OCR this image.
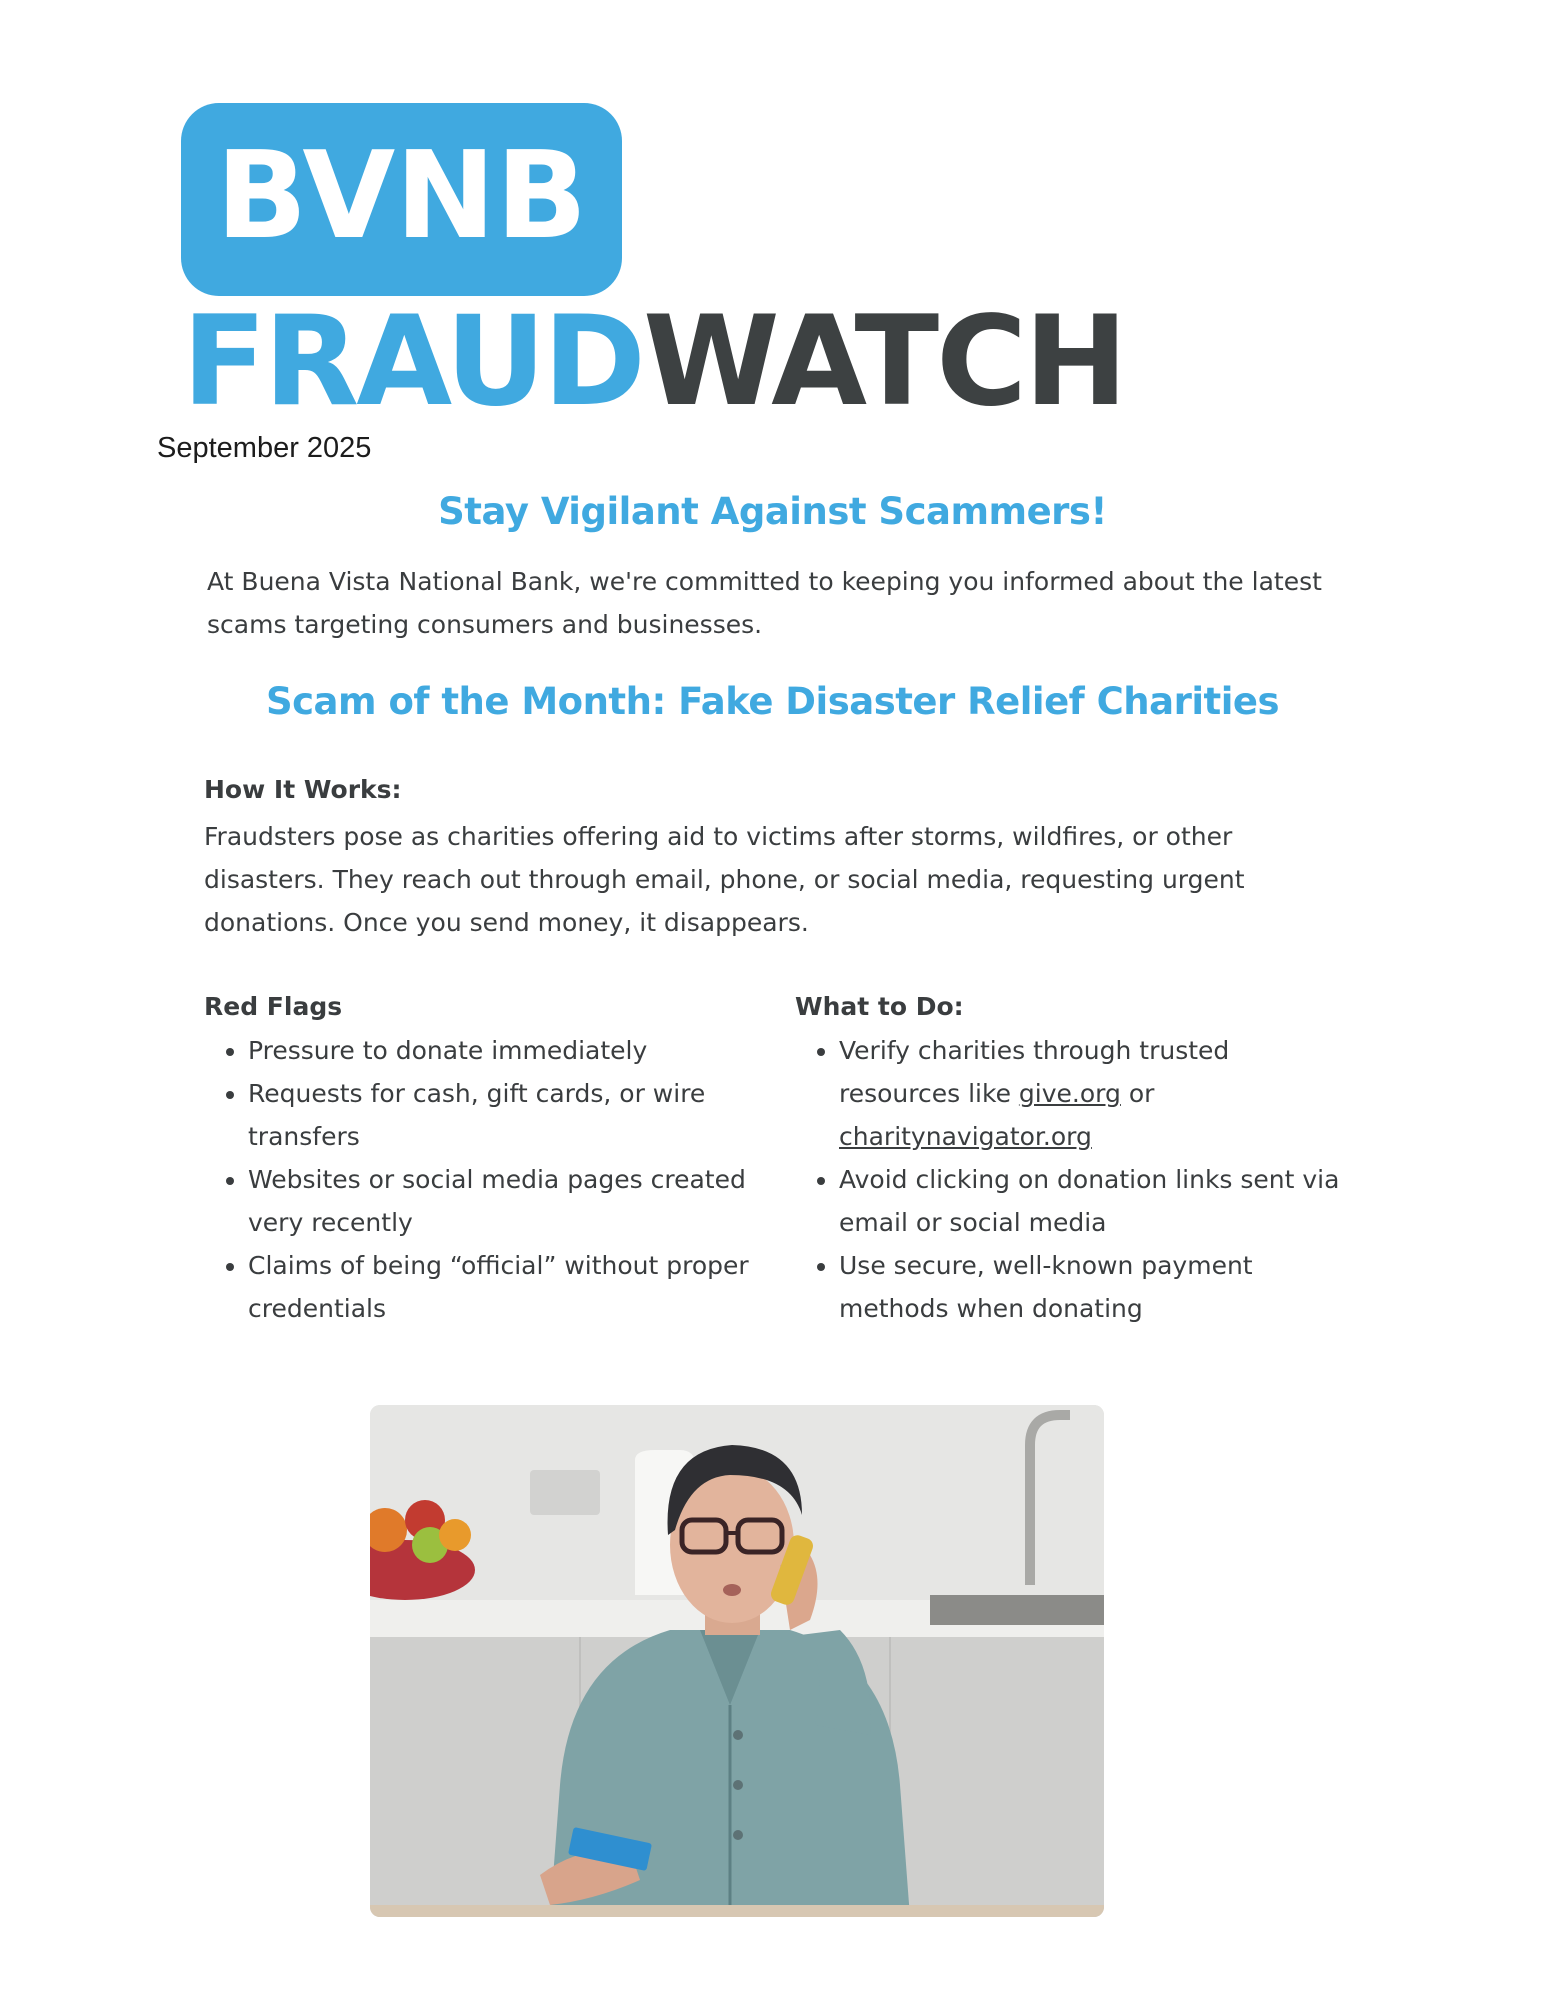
BVNB
FRAUDWATCH
September 2025
Stay Vigilant Against Scammers!
At Buena Vista National Bank, we're committed to keeping you informed about the latest scams targeting consumers and businesses.
Scam of the Month: Fake Disaster Relief Charities
How It Works:
Fraudsters pose as charities offering aid to victims after storms, wildfires, or other disasters. They reach out through email, phone, or social media, requesting urgent donations. Once you send money, it disappears.
Red Flags
• Pressure to donate immediately
• Requests for cash, gift cards, or wire transfers
• Websites or social media pages created very recently
• Claims of being “official” without proper credentials
What to Do:
• Verify charities through trusted resources like give.org or charitynavigator.org
• Avoid clicking on donation links sent via email or social media
• Use secure, well-known payment methods when donating
